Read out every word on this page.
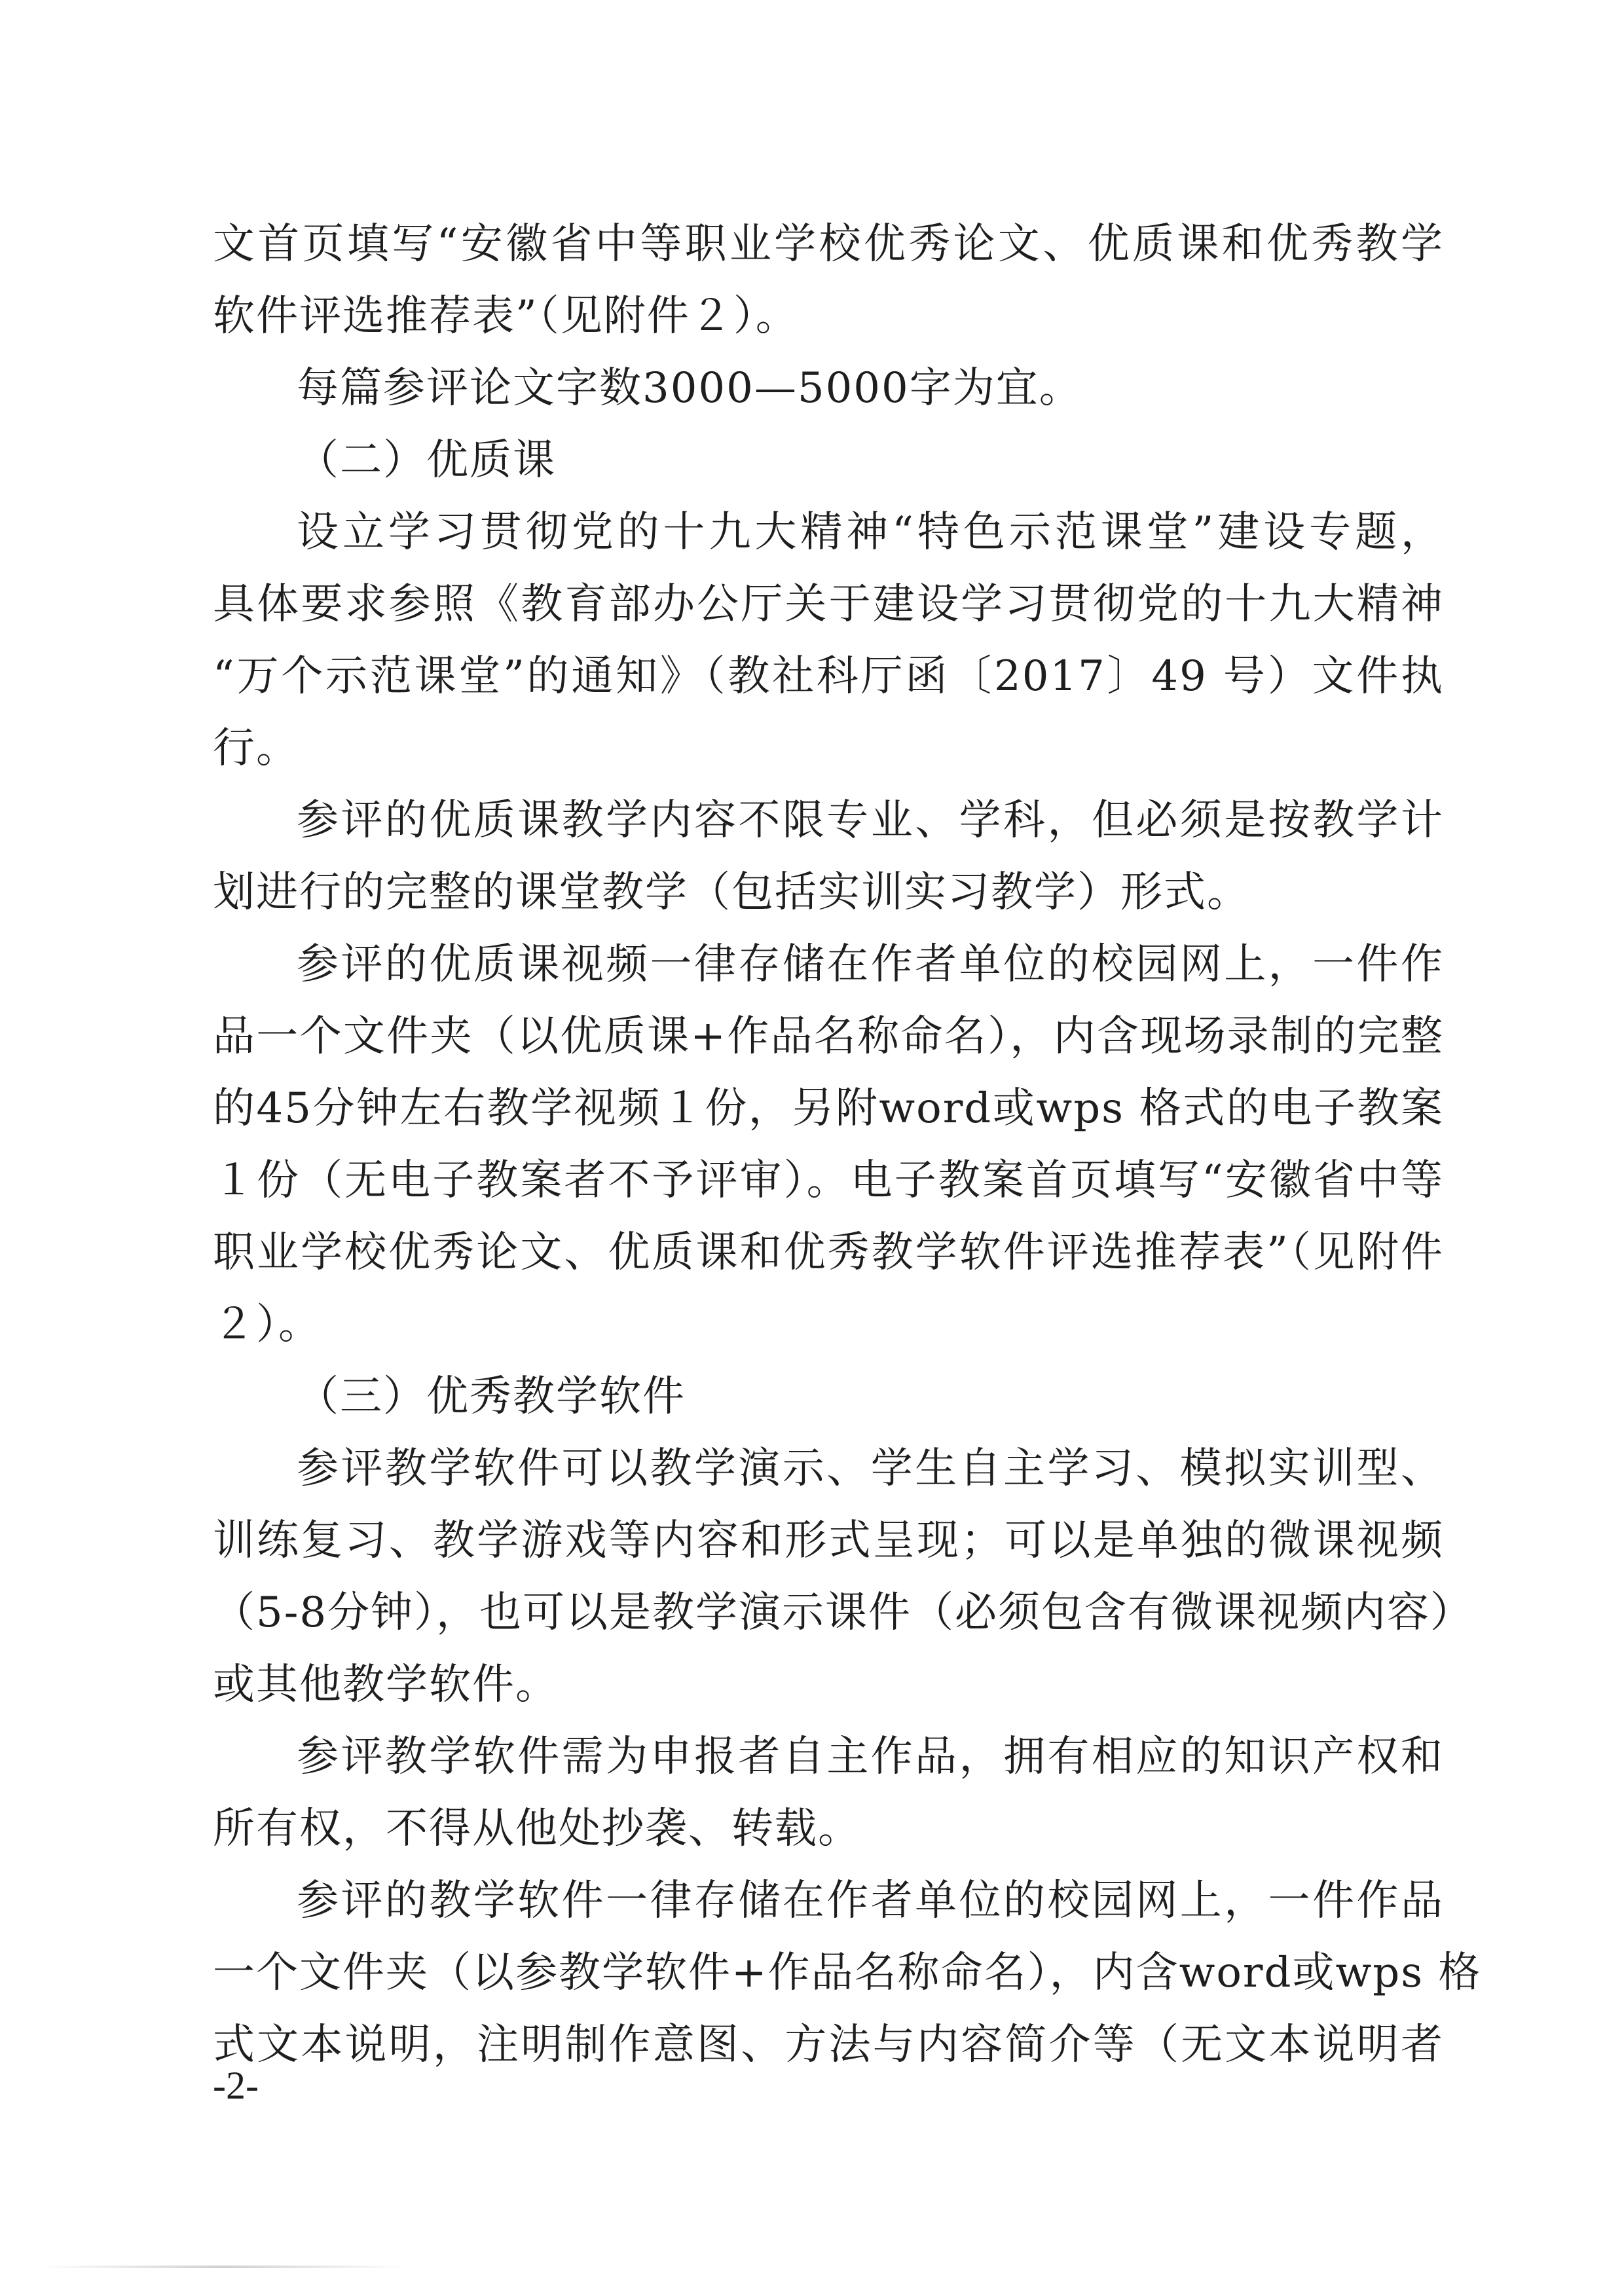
文首页填写“安徽省中等职业学校优秀论文、优质课和优秀教学
软件评选推荐表”（见附件２）。
每篇参评论文字数3000—5000字为宜。
（二）优质课
设立学习贯彻党的十九大精神“特色示范课堂”建设专题，
具体要求参照《教育部办公厅关于建设学习贯彻党的十九大精神
“万个示范课堂”的通知》（教社科厅函〔2017〕49 号）文件执
行。
参评的优质课教学内容不限专业、学科，但必须是按教学计
划进行的完整的课堂教学（包括实训实习教学）形式。
参评的优质课视频一律存储在作者单位的校园网上，一件作
品一个文件夹（以优质课+作品名称命名），内含现场录制的完整
的45分钟左右教学视频１份，另附word或wps 格式的电子教案
１份（无电子教案者不予评审）。电子教案首页填写“安徽省中等
职业学校优秀论文、优质课和优秀教学软件评选推荐表”（见附件
２）。
（三）优秀教学软件
参评教学软件可以教学演示、学生自主学习、模拟实训型、
训练复习、教学游戏等内容和形式呈现；可以是单独的微课视频
（5-8分钟），也可以是教学演示课件（必须包含有微课视频内容）
或其他教学软件。
参评教学软件需为申报者自主作品，拥有相应的知识产权和
所有权，不得从他处抄袭、转载。
参评的教学软件一律存储在作者单位的校园网上，一件作品
一个文件夹（以参教学软件+作品名称命名），内含word或wps 格
式文本说明，注明制作意图、方法与内容简介等（无文本说明者
-2-
